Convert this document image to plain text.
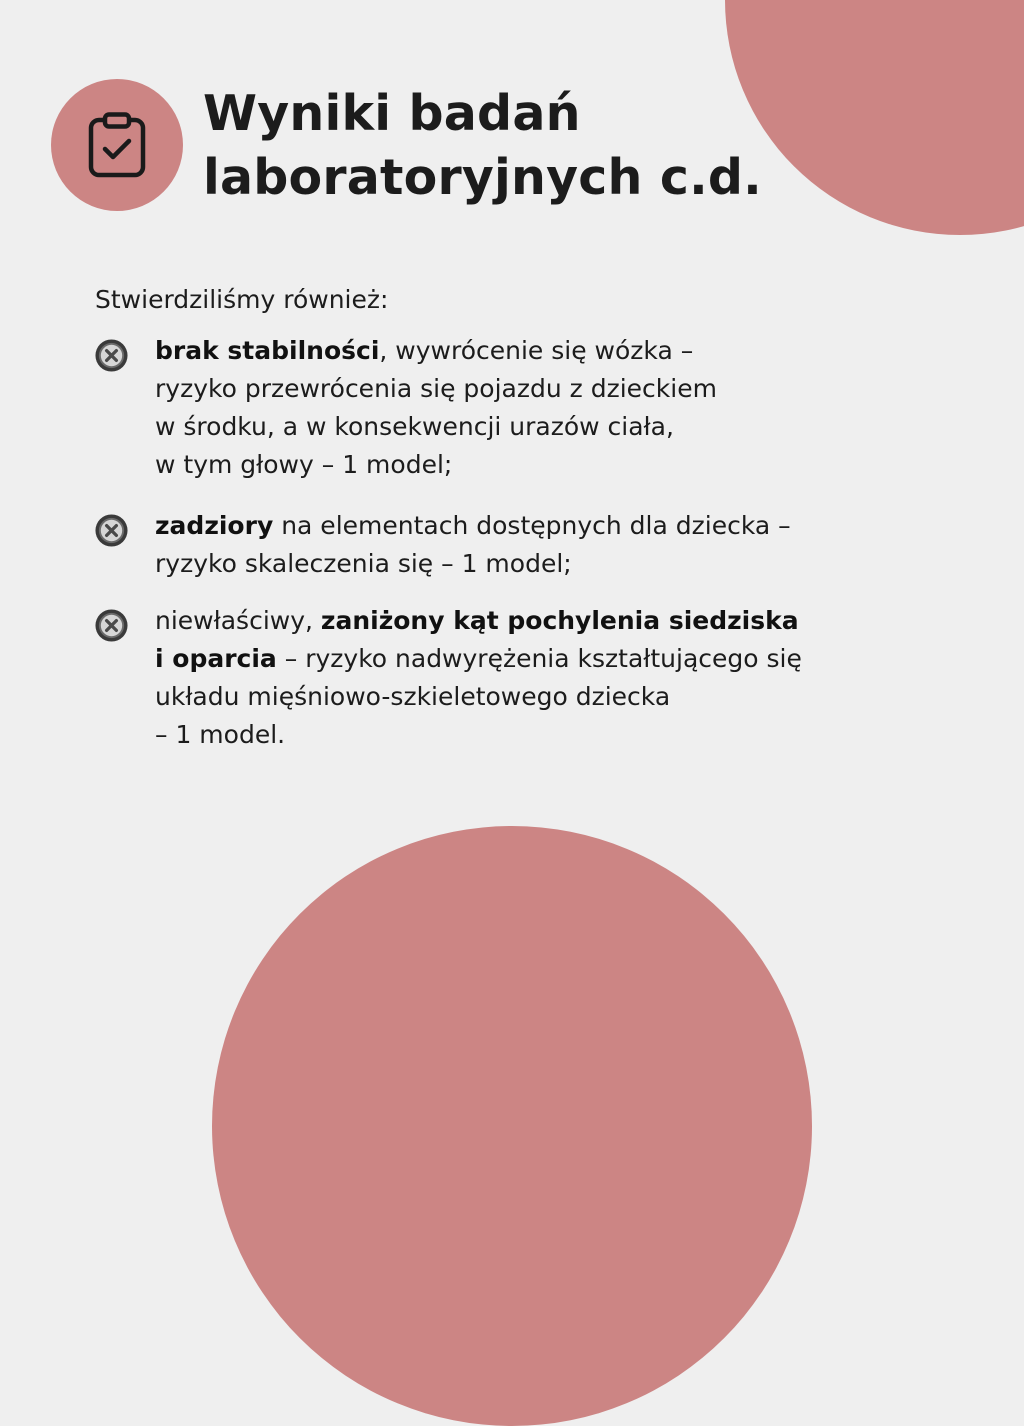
Wyniki badań
laboratoryjnych c.d.

Stwierdziliśmy również:

brak stabilności, wywrócenie się wózka –
ryzyko przewrócenia się pojazdu z dzieckiem
w środku, a w konsekwencji urazów ciała,
w tym głowy – 1 model;

zadziory na elementach dostępnych dla dziecka –
ryzyko skaleczenia się – 1 model;

niewłaściwy, zaniżony kąt pochylenia siedziska
i oparcia – ryzyko nadwyrężenia kształtującego się
układu mięśniowo-szkieletowego dziecka
– 1 model.
